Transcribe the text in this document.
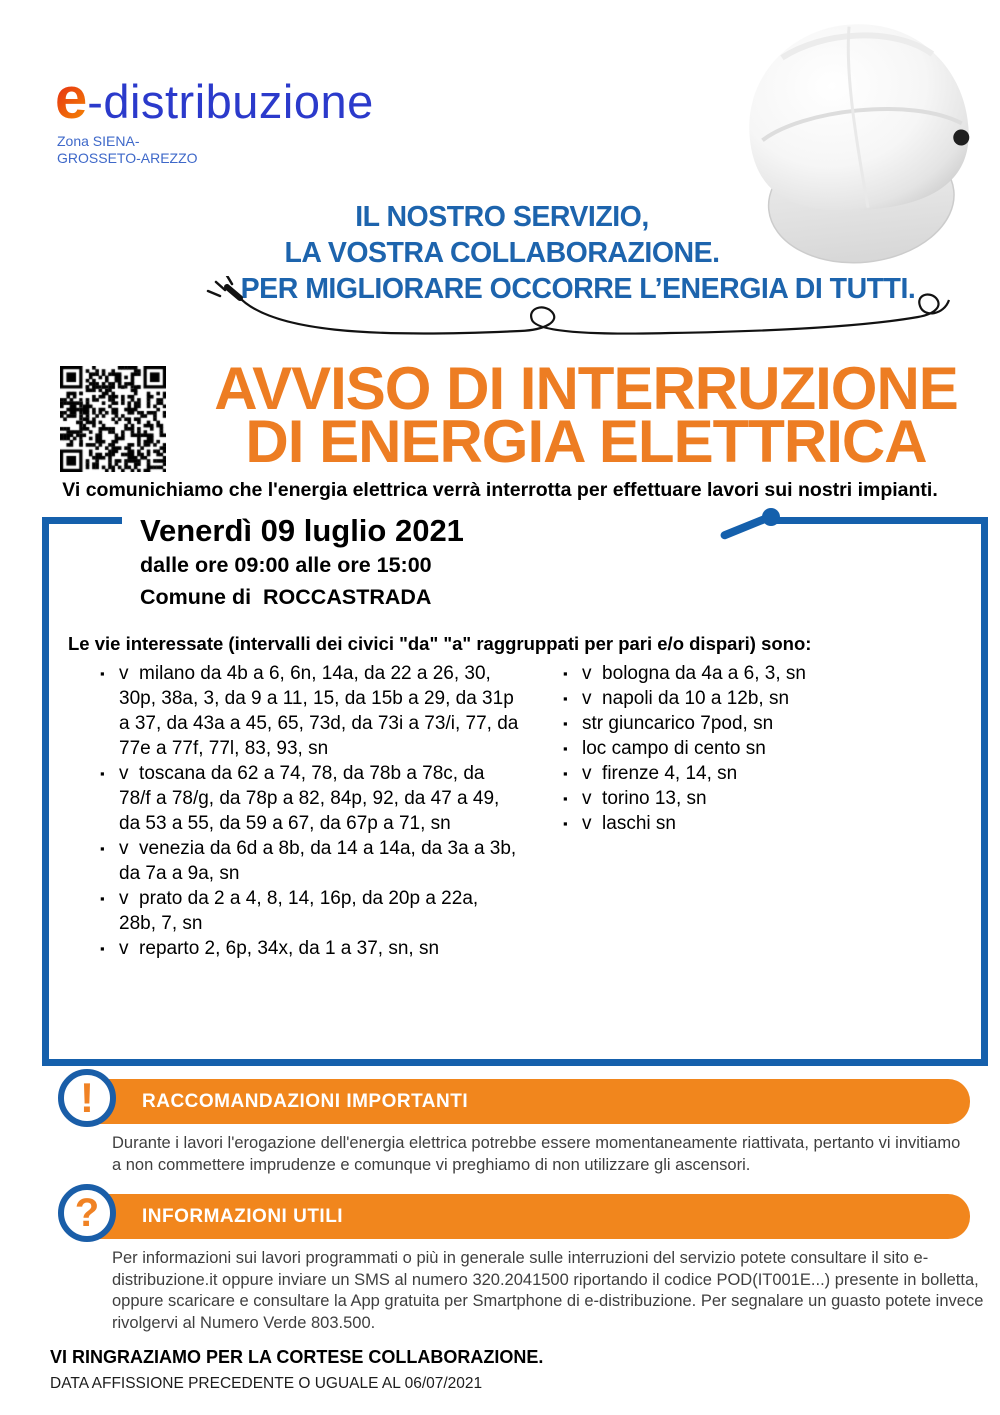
e -distribuzione
Zona SIENA-
GROSSETO-AREZZO
IL NOSTRO SERVIZIO,
LA VOSTRA COLLABORAZIONE.
PER MIGLIORARE OCCORRE L’ENERGIA DI TUTTI.
AVVISO DI INTERRUZIONE
DI ENERGIA ELETTRICA
Vi comunichiamo che l'energia elettrica verrà interrotta per effettuare lavori sui nostri impianti.
Venerdì 09 luglio 2021
dalle ore 09:00 alle ore 15:00
Comune di  ROCCASTRADA
Le vie interessate (intervalli dei civici "da" "a" raggruppati per pari e/o dispari) sono:
▪ v  milano da 4b a 6, 6n, 14a, da 22 a 26, 30, 30p, 38a, 3, da 9 a 11, 15, da 15b a 29, da 31p a 37, da 43a a 45, 65, 73d, da 73i a 73/i, 77, da 77e a 77f, 77l, 83, 93, sn
▪ v  toscana da 62 a 74, 78, da 78b a 78c, da 78/f a 78/g, da 78p a 82, 84p, 92, da 47 a 49, da 53 a 55, da 59 a 67, da 67p a 71, sn
▪ v  venezia da 6d a 8b, da 14 a 14a, da 3a a 3b, da 7a a 9a, sn
▪ v  prato da 2 a 4, 8, 14, 16p, da 20p a 22a, 28b, 7, sn
▪ v  reparto 2, 6p, 34x, da 1 a 37, sn, sn
▪ v  bologna da 4a a 6, 3, sn
▪ v  napoli da 10 a 12b, sn
▪ str giuncarico 7pod, sn
▪ loc campo di cento sn
▪ v  firenze 4, 14, sn
▪ v  torino 13, sn
▪ v  laschi sn
!	RACCOMANDAZIONI IMPORTANTI
Durante i lavori l'erogazione dell'energia elettrica potrebbe essere momentaneamente riattivata, pertanto vi invitiamo a non commettere imprudenze e comunque vi preghiamo di non utilizzare gli ascensori.
?	INFORMAZIONI UTILI
Per informazioni sui lavori programmati o più in generale sulle interruzioni del servizio potete consultare il sito e-distribuzione.it oppure inviare un SMS al numero 320.2041500 riportando il codice POD(IT001E...) presente in bolletta, oppure scaricare e consultare la App gratuita per Smartphone di e-distribuzione. Per segnalare un guasto potete invece rivolgervi al Numero Verde 803.500.
VI RINGRAZIAMO PER LA CORTESE COLLABORAZIONE.
DATA AFFISSIONE PRECEDENTE O UGUALE AL 06/07/2021
